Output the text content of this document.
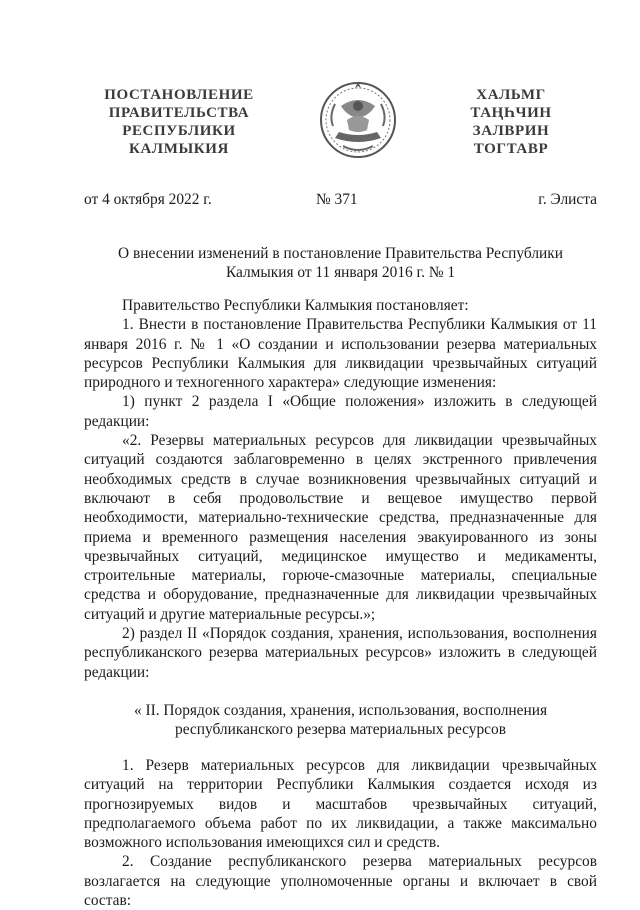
ПОСТАНОВЛЕНИЕ
ПРАВИТЕЛЬСТВА
РЕСПУБЛИКИ
КАЛМЫКИЯ
ХАЛЬМГ
ТАҢҺЧИН
ЗАЛВРИН
ТОГТАВР
от 4 октября 2022 г.	№ 371	г. Элиста
О внесении изменений в постановление Правительства Республики Калмыкия от 11 января 2016 г. № 1

Правительство Республики Калмыкия постановляет:

1. Внести в постановление Правительства Республики Калмыкия от 11 января 2016 г. № 1 «О создании и использовании резерва материальных ресурсов Республики Калмыкия для ликвидации чрезвычайных ситуаций природного и техногенного характера» следующие изменения:

1) пункт 2 раздела I «Общие положения» изложить в следующей редакции:

«2. Резервы материальных ресурсов для ликвидации чрезвычайных ситуаций создаются заблаговременно в целях экстренного привлечения необходимых средств в случае возникновения чрезвычайных ситуаций и включают в себя продовольствие и вещевое имущество первой необходимости, материально-технические средства, предназначенные для приема и временного размещения населения эвакуированного из зоны чрезвычайных ситуаций, медицинское имущество и медикаменты, строительные материалы, горюче-смазочные материалы, специальные средства и оборудование, предназначенные для ликвидации чрезвычайных ситуаций и другие материальные ресурсы.»;

2) раздел II «Порядок создания, хранения, использования, восполнения республиканского резерва материальных ресурсов» изложить в следующей редакции:

« II. Порядок создания, хранения, использования, восполнения
республиканского резерва материальных ресурсов

1. Резерв материальных ресурсов для ликвидации чрезвычайных ситуаций на территории Республики Калмыкия создается исходя из прогнозируемых видов и масштабов чрезвычайных ситуаций, предполагаемого объема работ по их ликвидации, а также максимально возможного использования имеющихся сил и средств.

2. Создание республиканского резерва материальных ресурсов возлагается на следующие уполномоченные органы и включает в свой состав:
